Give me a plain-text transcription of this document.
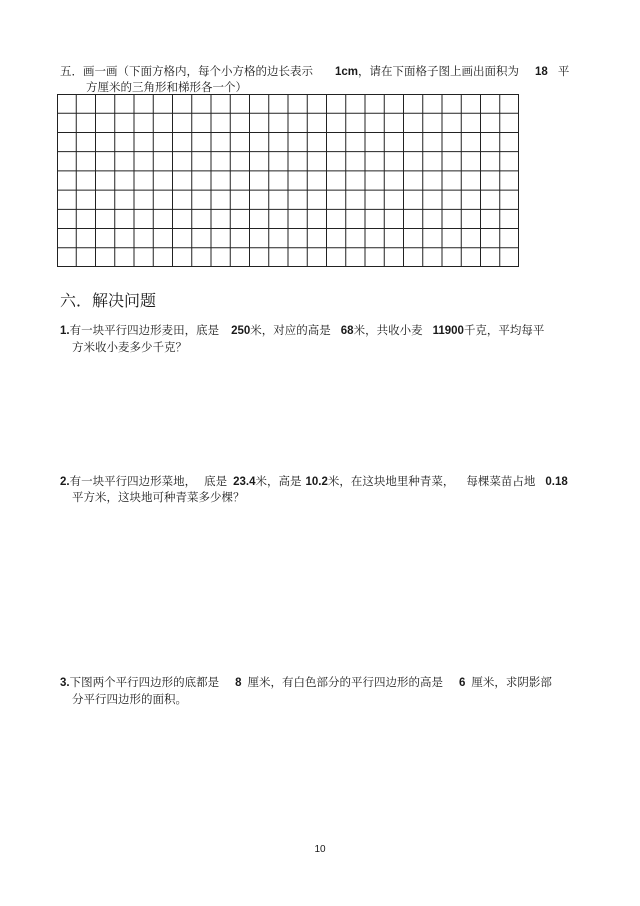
五．画一画（下面方格内，每个小方格的边长表示 1cm，请在下面格子图上画出面积为 18 平
方厘米的三角形和梯形各一个）
六．解决问题
1.有一块平行四边形麦田，底是 250米，对应的高是 68米，共收小麦 11900千克，平均每平
方米收小麦多少千克？
2.有一块平行四边形菜地， 底是 23.4米，高是 10.2米，在这块地里种青菜， 每棵菜苗占地 0.18
平方米，这块地可种青菜多少棵？
3.下图两个平行四边形的底都是 8 厘米，有白色部分的平行四边形的高是 6 厘米，求阴影部
分平行四边形的面积。
10
